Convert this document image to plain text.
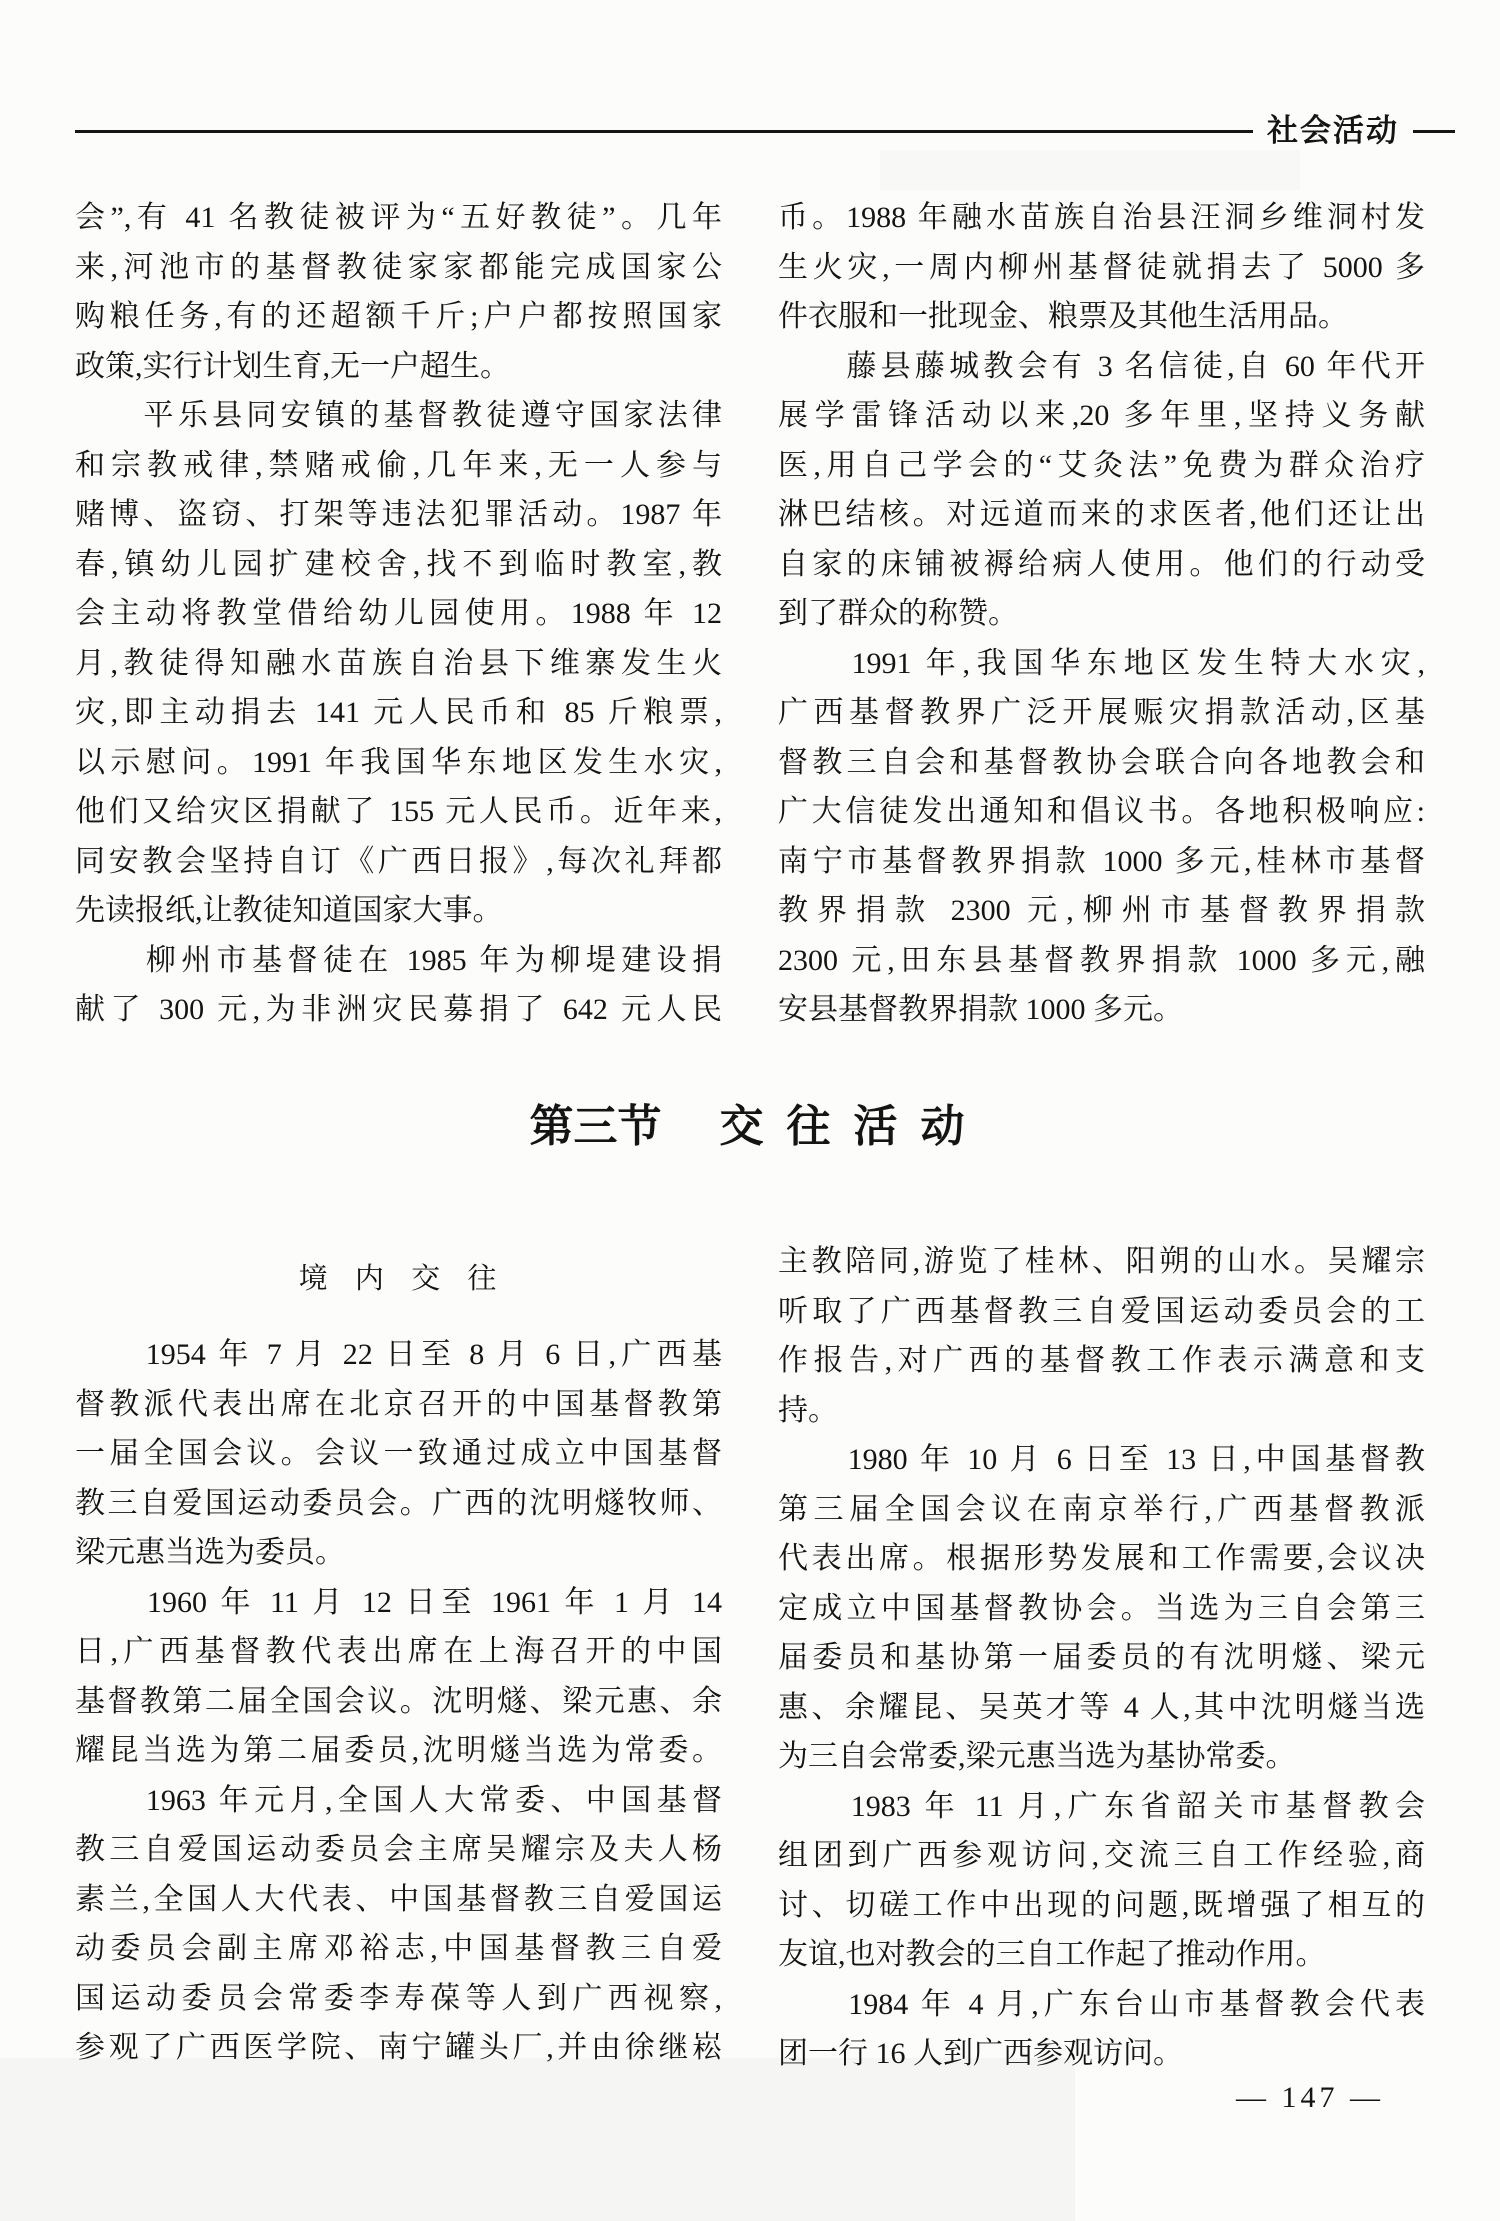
社会活动
会”,有 41 名教徒被评为“五好教徒”。几年
来,河池市的基督教徒家家都能完成国家公
购粮任务,有的还超额千斤;户户都按照国家
政策,实行计划生育,无一户超生。
　　平乐县同安镇的基督教徒遵守国家法律
和宗教戒律,禁赌戒偷,几年来,无一人参与
赌博、盗窃、打架等违法犯罪活动。1987 年
春,镇幼儿园扩建校舍,找不到临时教室,教
会主动将教堂借给幼儿园使用。1988 年 12
月,教徒得知融水苗族自治县下维寨发生火
灾,即主动捐去 141 元人民币和 85 斤粮票,
以示慰问。1991 年我国华东地区发生水灾,
他们又给灾区捐献了 155 元人民币。近年来,
同安教会坚持自订《广西日报》,每次礼拜都
先读报纸,让教徒知道国家大事。
　　柳州市基督徒在 1985 年为柳堤建设捐
献了 300 元,为非洲灾民募捐了 642 元人民
币。1988 年融水苗族自治县汪洞乡维洞村发
生火灾,一周内柳州基督徒就捐去了 5000 多
件衣服和一批现金、粮票及其他生活用品。
　　藤县藤城教会有 3 名信徒,自 60 年代开
展学雷锋活动以来,20 多年里,坚持义务献
医,用自己学会的“艾灸法”免费为群众治疗
淋巴结核。对远道而来的求医者,他们还让出
自家的床铺被褥给病人使用。他们的行动受
到了群众的称赞。
　　1991 年,我国华东地区发生特大水灾,
广西基督教界广泛开展赈灾捐款活动,区基
督教三自会和基督教协会联合向各地教会和
广大信徒发出通知和倡议书。各地积极响应:
南宁市基督教界捐款 1000 多元,桂林市基督
教界捐款 2300 元,柳州市基督教界捐款
2300 元,田东县基督教界捐款 1000 多元,融
安县基督教界捐款 1000 多元。
第三节 交 往 活 动
境 内 交 往
　　1954 年 7 月 22 日至 8 月 6 日,广西基
督教派代表出席在北京召开的中国基督教第
一届全国会议。会议一致通过成立中国基督
教三自爱国运动委员会。广西的沈明燧牧师、
梁元惠当选为委员。
　　1960 年 11 月 12 日至 1961 年 1 月 14
日,广西基督教代表出席在上海召开的中国
基督教第二届全国会议。沈明燧、梁元惠、余
耀昆当选为第二届委员,沈明燧当选为常委。
　　1963 年元月,全国人大常委、中国基督
教三自爱国运动委员会主席吴耀宗及夫人杨
素兰,全国人大代表、中国基督教三自爱国运
动委员会副主席邓裕志,中国基督教三自爱
国运动委员会常委李寿葆等人到广西视察,
参观了广西医学院、南宁罐头厂,并由徐继崧
主教陪同,游览了桂林、阳朔的山水。吴耀宗
听取了广西基督教三自爱国运动委员会的工
作报告,对广西的基督教工作表示满意和支
持。
　　1980 年 10 月 6 日至 13 日,中国基督教
第三届全国会议在南京举行,广西基督教派
代表出席。根据形势发展和工作需要,会议决
定成立中国基督教协会。当选为三自会第三
届委员和基协第一届委员的有沈明燧、梁元
惠、余耀昆、吴英才等 4 人,其中沈明燧当选
为三自会常委,梁元惠当选为基协常委。
　　1983 年 11 月,广东省韶关市基督教会
组团到广西参观访问,交流三自工作经验,商
讨、切磋工作中出现的问题,既增强了相互的
友谊,也对教会的三自工作起了推动作用。
　　1984 年 4 月,广东台山市基督教会代表
团一行 16 人到广西参观访问。
— 147 —
